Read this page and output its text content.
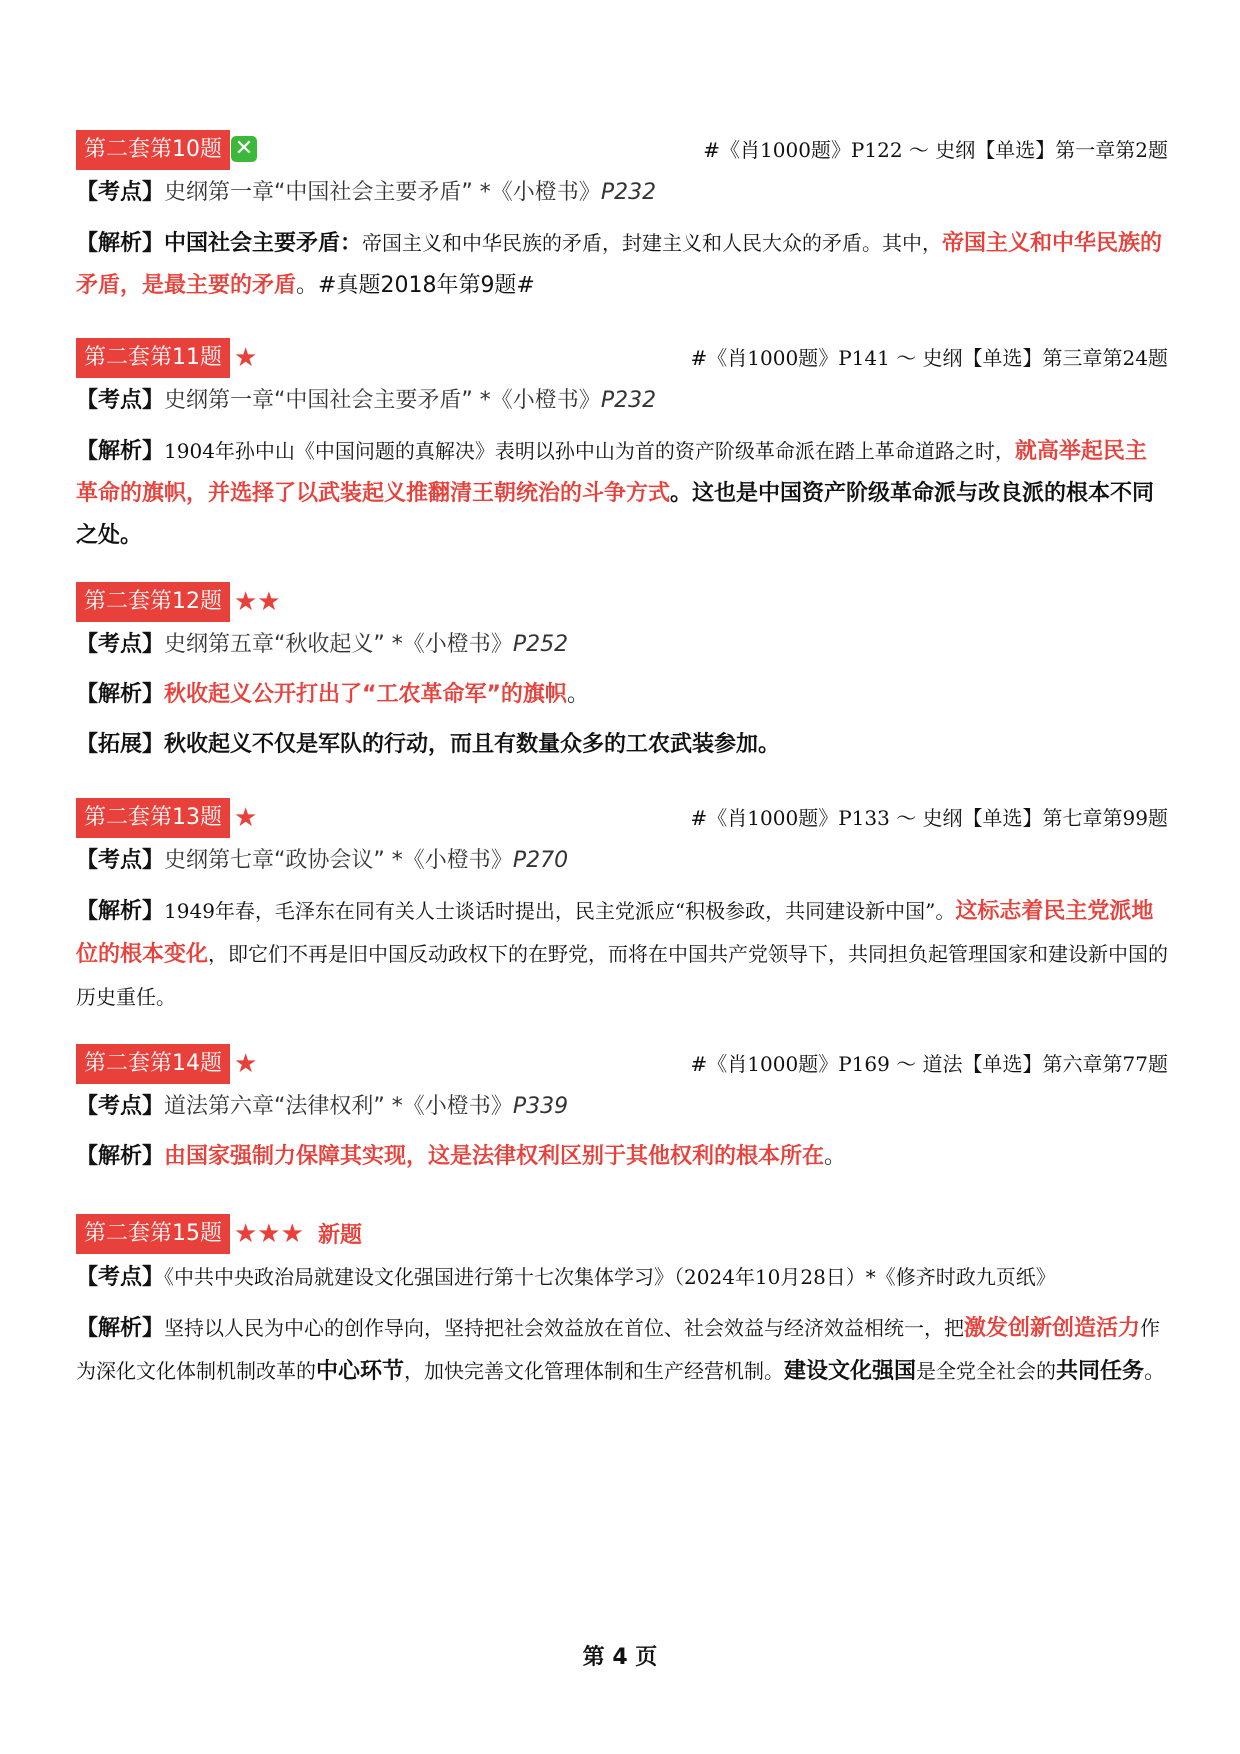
第二套第10题 ✕	#《肖1000题》P122 ～ 史纲【单选】第一章第2题
【考点】史纲第一章“中国社会主要矛盾” *《小橙书》P232
【解析】中国社会主要矛盾：帝国主义和中华民族的矛盾，封建主义和人民大众的矛盾。其中，帝国主义和中华民族的矛盾，是最主要的矛盾。#真题2018年第9题#
第二套第11题 ★	#《肖1000题》P141 ～ 史纲【单选】第三章第24题
【考点】史纲第一章“中国社会主要矛盾” *《小橙书》P232
【解析】1904年孙中山《中国问题的真解决》表明以孙中山为首的资产阶级革命派在踏上革命道路之时，就高举起民主革命的旗帜，并选择了以武装起义推翻清王朝统治的斗争方式。这也是中国资产阶级革命派与改良派的根本不同之处。
第二套第12题 ★★
【考点】史纲第五章“秋收起义” *《小橙书》P252
【解析】秋收起义公开打出了“工农革命军”的旗帜。
【拓展】秋收起义不仅是军队的行动，而且有数量众多的工农武装参加。
第二套第13题 ★	#《肖1000题》P133 ～ 史纲【单选】第七章第99题
【考点】史纲第七章“政协会议” *《小橙书》P270
【解析】1949年春，毛泽东在同有关人士谈话时提出，民主党派应“积极参政，共同建设新中国”。这标志着民主党派地位的根本变化，即它们不再是旧中国反动政权下的在野党，而将在中国共产党领导下，共同担负起管理国家和建设新中国的历史重任。
第二套第14题 ★	#《肖1000题》P169 ～ 道法【单选】第六章第77题
【考点】道法第六章“法律权利” *《小橙书》P339
【解析】由国家强制力保障其实现，这是法律权利区别于其他权利的根本所在。
第二套第15题 ★★★ 新题
【考点】《中共中央政治局就建设文化强国进行第十七次集体学习》（2024年10月28日）*《修齐时政九页纸》
【解析】坚持以人民为中心的创作导向，坚持把社会效益放在首位、社会效益与经济效益相统一，把激发创新创造活力作为深化文化体制机制改革的中心环节，加快完善文化管理体制和生产经营机制。建设文化强国是全党全社会的共同任务。
第 4 页
